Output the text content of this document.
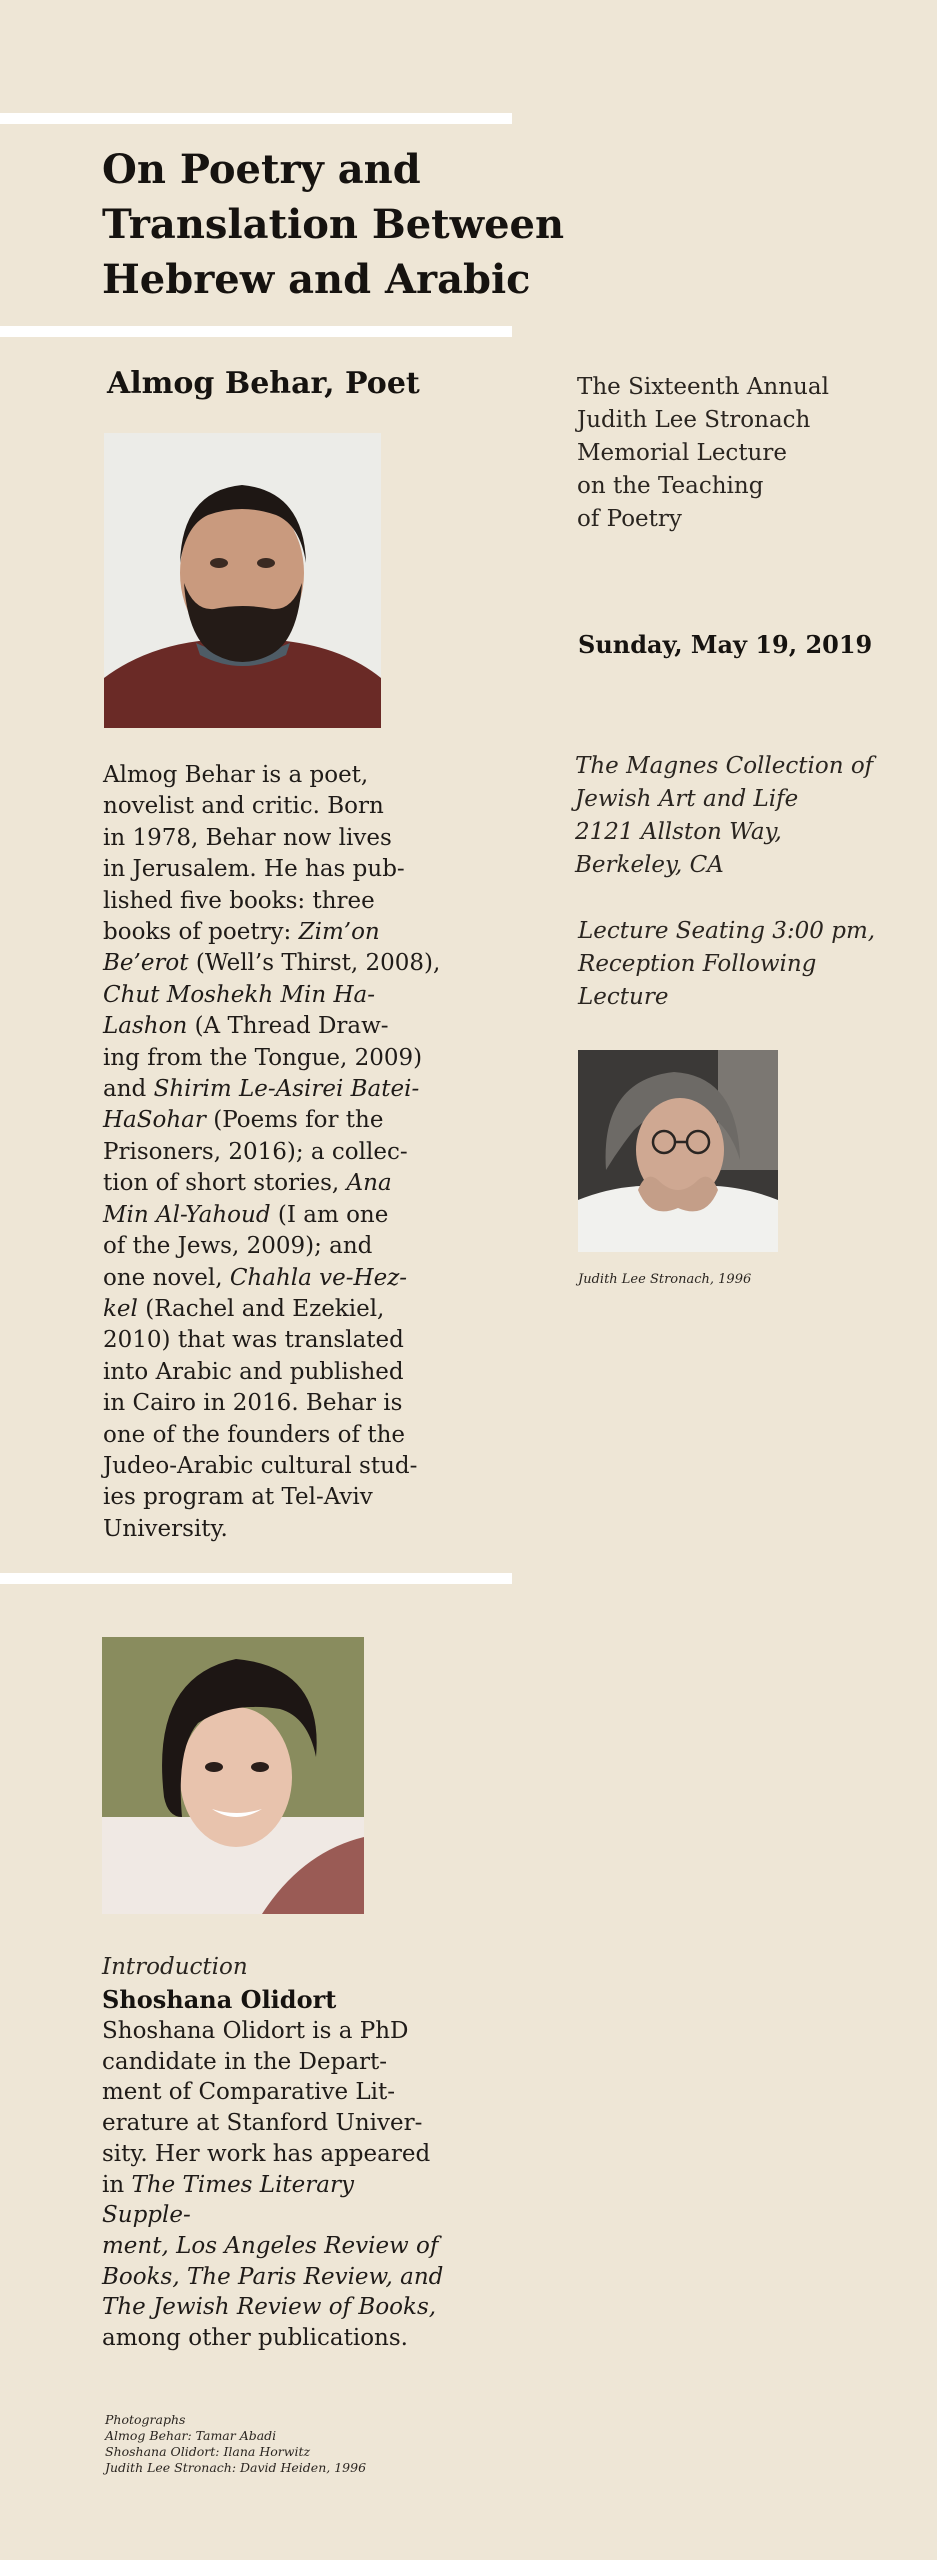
On Poetry and
Translation Between
Hebrew and Arabic
Almog Behar, Poet

Almog Behar is a poet,
novelist and critic. Born
in 1978, Behar now lives
in Jerusalem. He has pub-
lished five books: three
books of poetry: Zim’on
Be’erot (Well’s Thirst, 2008),
Chut Moshekh Min Ha-
Lashon (A Thread Draw-
ing from the Tongue, 2009)
and Shirim Le-Asirei Batei-
HaSohar (Poems for the
Prisoners, 2016); a collec-
tion of short stories, Ana
Min Al-Yahoud (I am one
of the Jews, 2009); and
one novel, Chahla ve-Hez-
kel (Rachel and Ezekiel,
2010) that was translated
into Arabic and published
in Cairo in 2016. Behar is
one of the founders of the
Judeo-Arabic cultural stud-
ies program at Tel-Aviv
University.

The Sixteenth Annual
Judith Lee Stronach
Memorial Lecture
on the Teaching
of Poetry

Sunday, May 19, 2019

The Magnes Collection of
Jewish Art and Life
2121 Allston Way,
Berkeley, CA

Lecture Seating 3:00 pm,
Reception Following
Lecture

Judith Lee Stronach, 1996

Introduction

Shoshana Olidort

Shoshana Olidort is a PhD
candidate in the Depart-
ment of Comparative Lit-
erature at Stanford Univer-
sity. Her work has appeared
in The Times Literary Supple-
ment, Los Angeles Review of
Books, The Paris Review, and
The Jewish Review of Books,
among other publications.

Photographs
Almog Behar: Tamar Abadi
Shoshana Olidort: Ilana Horwitz
Judith Lee Stronach: David Heiden, 1996
